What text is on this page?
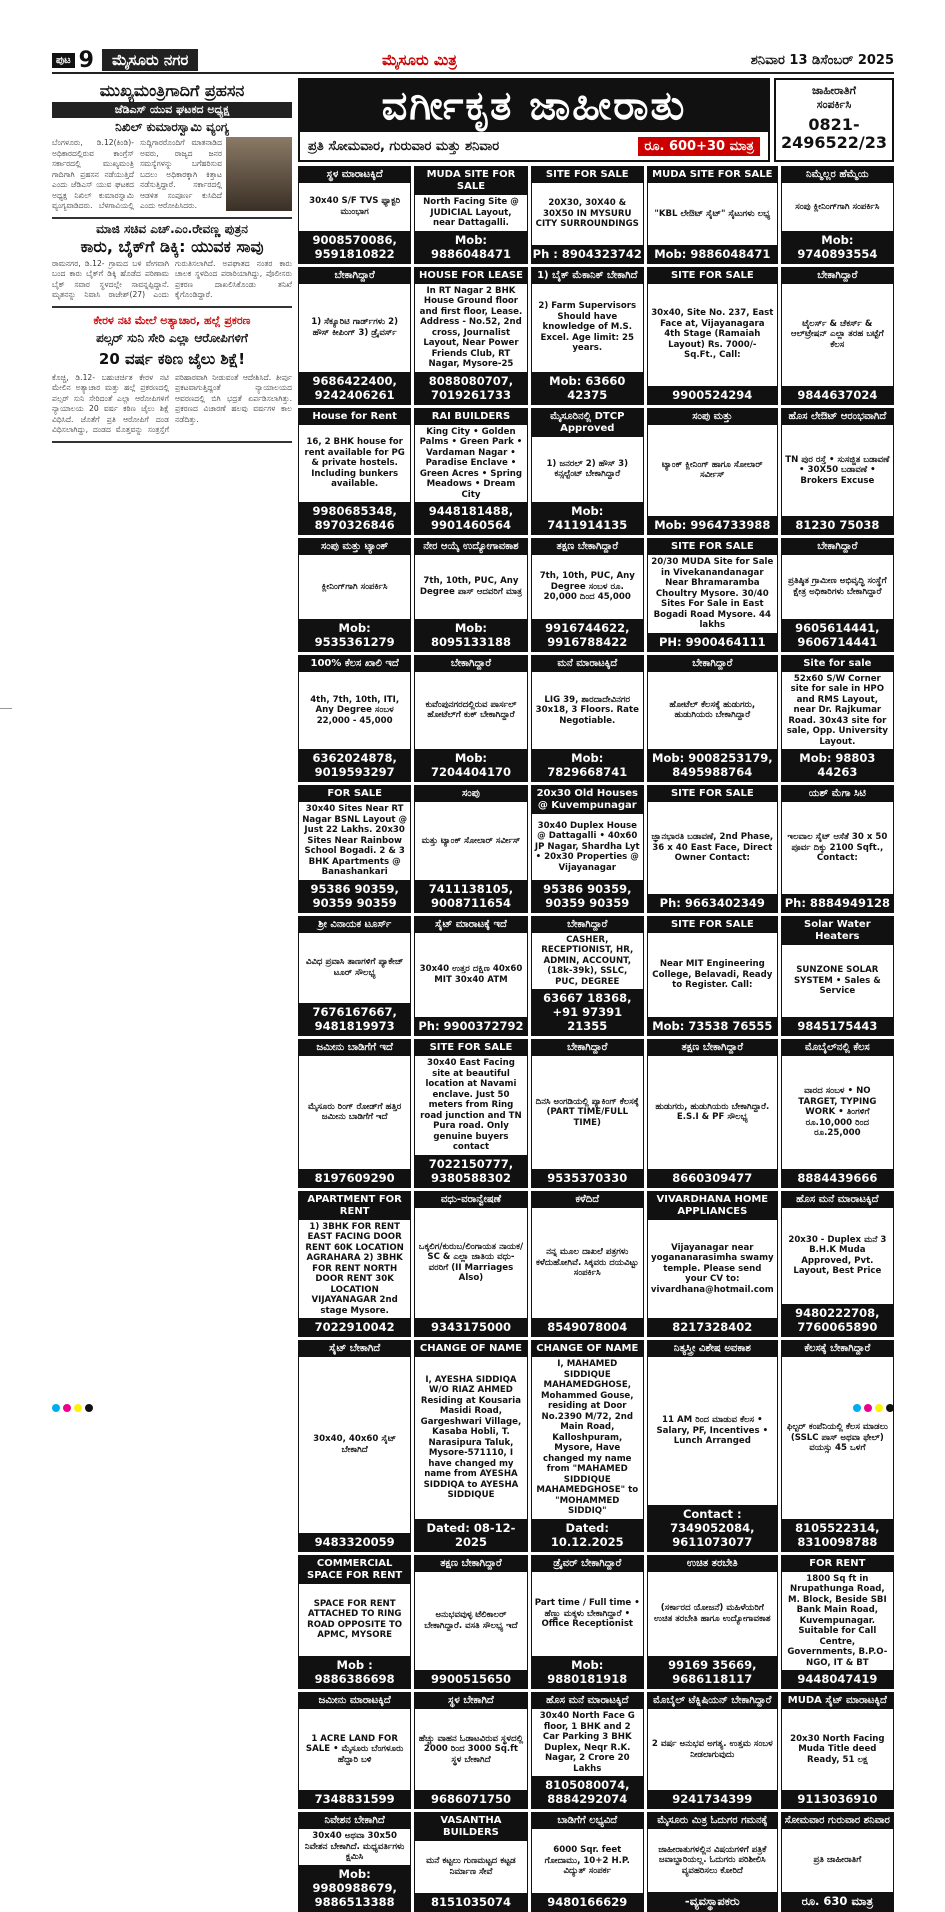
ಪುಟ 9	ಮೈಸೂರು ನಗರ	ಮೈಸೂರು ಮಿತ್ರ	ಶನಿವಾರ 13 ಡಿಸೆಂಬರ್ 2025
ಮುಖ್ಯಮಂತ್ರಿಗಾದಿಗೆ ಪ್ರಹಸನ
ಜೆಡಿಎಸ್ ಯುವ ಘಟಕದ ಅಧ್ಯಕ್ಷ
ನಿಖಿಲ್ ಕುಮಾರಸ್ವಾಮಿ ವ್ಯಂಗ್ಯ

ಬೆಂಗಳೂರು, ಡಿ.12(ಕಿಂಡಿ)- ಅಧಿಕಾರದಲ್ಲಿರುವ ಕಾಂಗ್ರೆಸ್ ಸರ್ಕಾರದಲ್ಲಿ ಮುಖ್ಯಮಂತ್ರಿ ಗಾದಿಗಾಗಿ ಪ್ರಹಸನ ನಡೆಯುತ್ತಿದೆ ಎಂದು ಜೆಡಿಎಸ್ ಯುವ ಘಟಕದ ಅಧ್ಯಕ್ಷ ನಿಖಿಲ್ ಕುಮಾರಸ್ವಾಮಿ ವ್ಯಂಗ್ಯವಾಡಿದರು. ಬೆಳಗಾವಿಯಲ್ಲಿ ಸುದ್ದಿಗಾರರೊಂದಿಗೆ ಮಾತನಾಡಿದ ಅವರು, ರಾಜ್ಯದ ಜನರ ಸಮಸ್ಯೆಗಳನ್ನು ಬಗೆಹರಿಸುವ ಬದಲು ಅಧಿಕಾರಕ್ಕಾಗಿ ಕಿತ್ತಾಟ ನಡೆಸುತ್ತಿದ್ದಾರೆ. ಸರ್ಕಾರದಲ್ಲಿ ಆಡಳಿತ ಸಂಪೂರ್ಣ ಕುಸಿದಿದೆ ಎಂದು ಆರೋಪಿಸಿದರು.

ಮಾಜಿ ಸಚಿವ ಎಚ್.ಎಂ.ರೇವಣ್ಣ ಪುತ್ರನ
ಕಾರು, ಬೈಕ್‌ಗೆ ಡಿಕ್ಕಿ: ಯುವಕ ಸಾವು

ರಾಮನಗರ, ಡಿ.12- ಗ್ರಾಮದ ಬಳಿ ವೇಗವಾಗಿ ಬಂದ ಕಾರು ಬೈಕ್‌ಗೆ ಡಿಕ್ಕಿ ಹೊಡೆದ ಪರಿಣಾಮ ಬೈಕ್ ಸವಾರ ಸ್ಥಳದಲ್ಲೇ ಸಾವನ್ನಪ್ಪಿದ್ದಾನೆ. ಮೃತನನ್ನು ನಿವಾಸಿ ರಾಜೇಶ್(27) ಎಂದು ಗುರುತಿಸಲಾಗಿದೆ. ಅಪಘಾತದ ನಂತರ ಕಾರು ಚಾಲಕ ಸ್ಥಳದಿಂದ ಪರಾರಿಯಾಗಿದ್ದು, ಪೊಲೀಸರು ಪ್ರಕರಣ ದಾಖಲಿಸಿಕೊಂಡು ತನಿಖೆ ಕೈಗೊಂಡಿದ್ದಾರೆ.

ಕೇರಳ ನಟಿ ಮೇಲೆ ಅತ್ಯಾಚಾರ, ಹಲ್ಲೆ ಪ್ರಕರಣ
ಪಲ್ಸರ್ ಸುನಿ ಸೇರಿ ಎಲ್ಲಾ ಆರೋಪಿಗಳಿಗೆ
20 ವರ್ಷ ಕಠಿಣ ಜೈಲು ಶಿಕ್ಷೆ!

ಕೊಚ್ಚಿ, ಡಿ.12- ಬಹುಚರ್ಚಿತ ಕೇರಳ ನಟಿ ಮೇಲಿನ ಅತ್ಯಾಚಾರ ಮತ್ತು ಹಲ್ಲೆ ಪ್ರಕರಣದಲ್ಲಿ ಪಲ್ಸರ್ ಸುನಿ ಸೇರಿದಂತೆ ಎಲ್ಲಾ ಆರೋಪಿಗಳಿಗೆ ನ್ಯಾಯಾಲಯ 20 ವರ್ಷ ಕಠಿಣ ಜೈಲು ಶಿಕ್ಷೆ ವಿಧಿಸಿದೆ. ಜೊತೆಗೆ ಪ್ರತಿ ಆರೋಪಿಗೆ ದಂಡ ವಿಧಿಸಲಾಗಿದ್ದು, ದಂಡದ ಮೊತ್ತವನ್ನು ಸಂತ್ರಸ್ತೆಗೆ ಪರಿಹಾರವಾಗಿ ನೀಡುವಂತೆ ಆದೇಶಿಸಿದೆ. ತೀರ್ಪು ಪ್ರಕಟವಾಗುತ್ತಿದ್ದಂತೆ ನ್ಯಾಯಾಲಯದ ಆವರಣದಲ್ಲಿ ಬಿಗಿ ಭದ್ರತೆ ಏರ್ಪಡಿಸಲಾಗಿತ್ತು. ಪ್ರಕರಣದ ವಿಚಾರಣೆ ಹಲವು ವರ್ಷಗಳ ಕಾಲ ನಡೆದಿತ್ತು.

ವರ್ಗೀಕೃತ ಜಾಹೀರಾತು
ಪ್ರತಿ ಸೋಮವಾರ, ಗುರುವಾರ ಮತ್ತು ಶನಿವಾರ	ರೂ. 600+30 ಮಾತ್ರ
ಜಾಹೀರಾತಿಗೆ
ಸಂಪರ್ಕಿಸಿ
0821-2496522/23
ಸ್ಥಳ ಮಾರಾಟಕ್ಕಿದೆ
30x40 S/F TVS ಫ್ಯಾಕ್ಟರಿ ಮುಂಭಾಗ
9008570086, 9591810822
MUDA SITE FOR SALE
North Facing Site @ JUDICIAL Layout, near Dattagalli.
Mob: 9886048471
SITE FOR SALE
20X30, 30X40 & 30X50 IN MYSURU CITY SURROUNDINGS
Ph : 8904323742
MUDA SITE FOR SALE
"KBL ಲೇಔಟ್ ಸೈಟ್" ಸೈಟುಗಳು ಲಭ್ಯ
Mob: 9886048471
ನಿಮ್ಮೆಲ್ಲರ ಹೆಮ್ಮೆಯ
ಸಂಪು ಕ್ಲೀನಿಂಗ್‌ಗಾಗಿ ಸಂಪರ್ಕಿಸಿ
Mob: 9740893554
ಬೇಕಾಗಿದ್ದಾರೆ
1) ಸೆಕ್ಯೂರಿಟಿ ಗಾರ್ಡ್‌ಗಳು 2) ಹೌಸ್ ಕೀಪಿಂಗ್ 3) ಡ್ರೈವರ್ಸ್
9686422400, 9242406261
HOUSE FOR LEASE
In RT Nagar 2 BHK House Ground floor and first floor, Lease. Address - No.52, 2nd cross, Journalist Layout, Near Power Friends Club, RT Nagar, Mysore-25
8088080707, 7019261733
1) ಬೈಕ್ ಮೆಕಾನಿಕ್ ಬೇಕಾಗಿದೆ
2) Farm Supervisors Should have knowledge of M.S. Excel. Age limit: 25 years.
Mob: 63660 42375
SITE FOR SALE
30x40, Site No. 237, East Face at, Vijayanagara 4th Stage (Ramaiah Layout) Rs. 7000/- Sq.Ft., Call:
9900524294
ಬೇಕಾಗಿದ್ದಾರೆ
ಟೈಲರ್ಸ್ & ಚೆಕರ್ಸ್ & ಆಲ್‌ಟ್ರೇಷನ್ ಎಲ್ಲಾ ತರಹ ಬಟ್ಟೆಗೆ ಕೆಲಸ
9844637024
House for Rent
16, 2 BHK house for rent available for PG & private hostels. Including bunkers available.
9980685348, 8970326846
RAI BUILDERS
King City • Golden Palms • Green Park • Vardaman Nagar • Paradise Enclave • Green Acres • Spring Meadows • Dream City
9448181488, 9901460564
ಮೈಸೂರಿನಲ್ಲಿ DTCP Approved
1) ಜನರಲ್ 2) ಹೌಸ್ 3) ಕನ್ಸಲ್ಟೆಂಟ್ ಬೇಕಾಗಿದ್ದಾರೆ
Mob: 7411914135
ಸಂಪು ಮತ್ತು
ಟ್ಯಾಂಕ್ ಕ್ಲೀನಿಂಗ್ ಹಾಗೂ ಸೋಲಾರ್ ಸರ್ವೀಸ್
Mob: 9964733988
ಹೊಸ ಲೇಔಟ್ ಆರಂಭವಾಗಿದೆ
TN ಪುರ ರಸ್ತೆ • ಸುಸಜ್ಜಿತ ಬಡಾವಣೆ • 30X50 ಬಡಾವಣೆ • Brokers Excuse
81230 75038
ಸಂಪು ಮತ್ತು ಟ್ಯಾಂಕ್
ಕ್ಲೀನಿಂಗ್‌ಗಾಗಿ ಸಂಪರ್ಕಿಸಿ
Mob: 9535361279
ನೇರ ಆಯ್ಕೆ ಉದ್ಯೋಗಾವಕಾಶ
7th, 10th, PUC, Any Degree ಪಾಸ್ ಆದವರಿಗೆ ಮಾತ್ರ
Mob: 8095133188
ತಕ್ಷಣ ಬೇಕಾಗಿದ್ದಾರೆ
7th, 10th, PUC, Any Degree ಸಂಬಳ ರೂ. 20,000 ದಿಂದ 45,000
9916744622, 9916788422
SITE FOR SALE
20/30 MUDA Site for Sale in Vivekanandanagar Near Bhramaramba Choultry Mysore. 30/40 Sites For Sale in East Bogadi Road Mysore. 44 lakhs
PH: 9900464111
ಬೇಕಾಗಿದ್ದಾರೆ
ಪ್ರತಿಷ್ಠಿತ ಗ್ರಾಮೀಣ ಅಭಿವೃದ್ಧಿ ಸಂಸ್ಥೆಗೆ ಕ್ಷೇತ್ರ ಅಧಿಕಾರಿಗಳು ಬೇಕಾಗಿದ್ದಾರೆ
9605614441, 9606714441
100% ಕೆಲಸ ಖಾಲಿ ಇದೆ
4th, 7th, 10th, ITI, Any Degree ಸಂಬಳ 22,000 - 45,000
6362024878, 9019593297
ಬೇಕಾಗಿದ್ದಾರೆ
ಕುವೆಂಪುನಗರದಲ್ಲಿರುವ ಪಾರ್ಸಲ್ ಹೋಟೆಲ್‌ಗೆ ಕುಕ್ ಬೇಕಾಗಿದ್ದಾರೆ
Mob: 7204404170
ಮನೆ ಮಾರಾಟಕ್ಕಿದೆ
LIG 39, ಶಾರದಾದೇವಿನಗರ 30x18, 3 Floors. Rate Negotiable.
Mob: 7829668741
ಬೇಕಾಗಿದ್ದಾರೆ
ಹೋಟೆಲ್ ಕೆಲಸಕ್ಕೆ ಹುಡುಗರು, ಹುಡುಗಿಯರು ಬೇಕಾಗಿದ್ದಾರೆ
Mob: 9008253179, 8495988764
Site for sale
52x60 S/W Corner site for sale in HPO and RMS Layout, near Dr. Rajkumar Road. 30x43 site for sale, Opp. University Layout.
Mob: 98803 44263
FOR SALE
30x40 Sites Near RT Nagar BSNL Layout @ Just 22 Lakhs. 20x30 Sites Near Rainbow School Bogadi. 2 & 3 BHK Apartments @ Banashankari
95386 90359, 90359 90359
ಸಂಪು
ಮತ್ತು ಟ್ಯಾಂಕ್ ಸೋಲಾರ್ ಸರ್ವೀಸ್
7411138105, 9008711654
20x30 Old Houses @ Kuvempunagar
30x40 Duplex House @ Dattagalli • 40x60 JP Nagar, Shardha Lyt • 20x30 Properties @ Vijayanagar
95386 90359, 90359 90359
SITE FOR SALE
ಜ್ಞಾನಭಾರತಿ ಬಡಾವಣೆ, 2nd Phase, 36 x 40 East Face, Direct Owner Contact:
Ph: 9663402349
ಯಶ್ ಮೆಗಾ ಸಿಟಿ
ಇಲವಾಲ ಸೈಟ್ ಆಸೆತೆ 30 x 50 ಪೂರ್ವ ದಿಕ್ಕು 2100 Sqft., Contact:
Ph: 8884949128
ಶ್ರೀ ವಿನಾಯಕ ಟೂರ್ಸ್
ವಿವಿಧ ಪ್ರವಾಸಿ ತಾಣಗಳಿಗೆ ಪ್ಯಾಕೇಜ್ ಟೂರ್ ಸೌಲಭ್ಯ
7676167667, 9481819973
ಸೈಟ್ ಮಾರಾಟಕ್ಕೆ ಇದೆ
30x40 ಉತ್ತರ ದಕ್ಷಿಣ 40x60 MIT 30x40 ATM
Ph: 9900372792
ಬೇಕಾಗಿದ್ದಾರೆ
CASHER, RECEPTIONIST, HR, ADMIN, ACCOUNT, (18k-39k), SSLC, PUC, DEGREE
63667 18368, +91 97391 21355
SITE FOR SALE
Near MIT Engineering College, Belavadi, Ready to Register. Call:
Mob: 73538 76555
Solar Water Heaters
SUNZONE SOLAR SYSTEM • Sales & Service
9845175443
ಜಮೀನು ಬಾಡಿಗೆಗೆ ಇದೆ
ಮೈಸೂರು ರಿಂಗ್ ರೋಡ್‌ಗೆ ಹತ್ತಿರ ಜಮೀನು ಬಾಡಿಗೆಗೆ ಇದೆ
8197609290
SITE FOR SALE
30x40 East Facing site at beautiful location at Navami enclave. Just 50 meters from Ring road junction and TN Pura road. Only genuine buyers contact
7022150777, 9380588302
ಬೇಕಾಗಿದ್ದಾರೆ
ದಿನಸಿ ಅಂಗಡಿಯಲ್ಲಿ ಪ್ಯಾಕಿಂಗ್ ಕೆಲಸಕ್ಕೆ (PART TIME/FULL TIME)
9535370330
ತಕ್ಷಣ ಬೇಕಾಗಿದ್ದಾರೆ
ಹುಡುಗರು, ಹುಡುಗಿಯರು ಬೇಕಾಗಿದ್ದಾರೆ. E.S.I & PF ಸೌಲಭ್ಯ
8660309477
ಮೊಬೈಲ್‌ನಲ್ಲಿ ಕೆಲಸ
ವಾರದ ಸಂಬಳ • NO TARGET, TYPING WORK • ತಿಂಗಳಿಗೆ ರೂ.10,000 ರಿಂದ ರೂ.25,000
8884439666
APARTMENT FOR RENT
1) 3BHK FOR RENT EAST FACING DOOR RENT 60K LOCATION AGRAHARA 2) 3BHK FOR RENT NORTH DOOR RENT 30K LOCATION VIJAYANAGAR 2nd stage Mysore.
7022910042
ವಧು-ವರಾನ್ವೇಷಣೆ
ಒಕ್ಕಲಿಗ/ಕುರುಬ/ಲಿಂಗಾಯತ ನಾಯಕ/ SC & ಎಲ್ಲಾ ಜಾತಿಯ ವಧು-ವರರಿಗೆ (II Marriages Also)
9343175000
ಕಳೆದಿದೆ
ನನ್ನ ಮೂಲ ದಾಖಲೆ ಪತ್ರಗಳು ಕಳೆದುಹೋಗಿವೆ. ಸಿಕ್ಕವರು ದಯವಿಟ್ಟು ಸಂಪರ್ಕಿಸಿ
8549078004
VIVARDHANA HOME APPLIANCES
Vijayanagar near yogananarasimha swamy temple. Please send your CV to: vivardhana@hotmail.com
8217328402
ಹೊಸ ಮನೆ ಮಾರಾಟಕ್ಕಿದೆ
20x30 - Duplex ಮನೆ 3 B.H.K Muda Approved, Pvt. Layout, Best Price
9480222708, 7760065890
ಸೈಟ್ ಬೇಕಾಗಿದೆ
30x40, 40x60 ಸೈಟ್ ಬೇಕಾಗಿದೆ
9483320059
CHANGE OF NAME
I, AYESHA SIDDIQA W/O RIAZ AHMED Residing at Kousaria Masidi Road, Gargeshwari Village, Kasaba Hobli, T. Narasipura Taluk, Mysore-571110, I have changed my name from AYESHA SIDDIQA to AYESHA SIDDIQUE
Dated: 08-12-2025
CHANGE OF NAME
I, MAHAMED SIDDIQUE MAHAMEDGHOSE, Mohammed Gouse, residing at Door No.2390 M/72, 2nd Main Road, Kalloshpuram, Mysore, Have changed my name from "MAHAMED SIDDIQUE MAHAMEDGHOSE" to "MOHAMMED SIDDIQ"
Dated: 10.12.2025
ನಿತ್ಯಸ್ತ್ರೀ ವಿಶೇಷ ಅವಕಾಶ
11 AM ರಿಂದ ಮಾಡುವ ಕೆಲಸ • Salary, PF, Incentives • Lunch Arranged
Contact : 7349052084, 9611073077
ಕೆಲಸಕ್ಕೆ ಬೇಕಾಗಿದ್ದಾರೆ
ಫಿಲ್ಟರ್ ಕಂಪೆನಿಯಲ್ಲಿ ಕೆಲಸ ಮಾಡಲು (SSLC ಪಾಸ್ ಅಥವಾ ಫೇಲ್) ವಯಸ್ಸು 45 ಒಳಗೆ
8105522314, 8310098788
COMMERCIAL SPACE FOR RENT
SPACE FOR RENT ATTACHED TO RING ROAD OPPOSITE TO APMC, MYSORE
Mob : 9886386698
ತಕ್ಷಣ ಬೇಕಾಗಿದ್ದಾರೆ
ಅನುಭವವುಳ್ಳ ಟೆಲಿಕಾಲರ್ ಬೇಕಾಗಿದ್ದಾರೆ. ವಸತಿ ಸೌಲಭ್ಯ ಇದೆ
9900515650
ಡ್ರೈವರ್ ಬೇಕಾಗಿದ್ದಾರೆ
Part time / Full time • ಹೆಣ್ಣು ಮಕ್ಕಳು ಬೇಕಾಗಿದ್ದಾರೆ • Office Receptionist
Mob: 9880181918
ಉಚಿತ ತರಬೇತಿ
(ಸರ್ಕಾರದ ಯೋಜನೆ) ಮಹಿಳೆಯರಿಗೆ ಉಚಿತ ತರಬೇತಿ ಹಾಗೂ ಉದ್ಯೋಗಾವಕಾಶ
99169 35669, 9686118117
FOR RENT
1800 Sq ft in Nrupathunga Road, M. Block, Beside SBI Bank Main Road, Kuvempunagar. Suitable for Call Centre, Governments, B.P.O- NGO, IT & BT
9448047419
ಜಮೀನು ಮಾರಾಟಕ್ಕಿದೆ
1 ACRE LAND FOR SALE • ಮೈಸೂರು ಬೆಂಗಳೂರು ಹೆದ್ದಾರಿ ಬಳಿ
7348831599
ಸ್ಥಳ ಬೇಕಾಗಿದೆ
ಹೆಚ್ಚು ವಾಹನ ಓಡಾಟವಿರುವ ಸ್ಥಳದಲ್ಲಿ 2000 ರಿಂದ 3000 Sq.ft ಸ್ಥಳ ಬೇಕಾಗಿದೆ
9686071750
ಹೊಸ ಮನೆ ಮಾರಾಟಕ್ಕಿದೆ
30x40 North Face G floor, 1 BHK and 2 Car Parking 3 BHK Duplex, Neqr R.K. Nagar, 2 Crore 20 Lakhs
8105080074, 8884292074
ಮೊಬೈಲ್ ಟೆಕ್ನಿಷಿಯನ್ ಬೇಕಾಗಿದ್ದಾರೆ
2 ವರ್ಷ ಅನುಭವ ಅಗತ್ಯ. ಉತ್ತಮ ಸಂಬಳ ನೀಡಲಾಗುವುದು
9241734399
MUDA ಸೈಟ್ ಮಾರಾಟಕ್ಕಿದೆ
20x30 North Facing Muda Title deed Ready, 51 ಲಕ್ಷ
9113036910
ನಿವೇಶನ ಬೇಕಾಗಿದೆ
30x40 ಅಥವಾ 30x50 ನಿವೇಶನ ಬೇಕಾಗಿದೆ. ಮಧ್ಯವರ್ತಿಗಳು ಕ್ಷಮಿಸಿ
Mob: 9980988679, 9886513388
VASANTHA BUILDERS
ಮನೆ ಕಟ್ಟಲು ಗುಣಮಟ್ಟದ ಕಟ್ಟಡ ನಿರ್ಮಾಣ ಸೇವೆ
8151035074
ಬಾಡಿಗೆಗೆ ಲಭ್ಯವಿದೆ
6000 Sqr. feet ಗೋದಾಮು, 10+2 H.P. ವಿದ್ಯುತ್ ಸಂಪರ್ಕ
9480166629
ಮೈಸೂರು ಮಿತ್ರ ಓದುಗರ ಗಮನಕ್ಕೆ
ಜಾಹೀರಾತುಗಳಲ್ಲಿನ ವಿಷಯಗಳಿಗೆ ಪತ್ರಿಕೆ ಜವಾಬ್ದಾರಿಯಲ್ಲ. ಓದುಗರು ಪರಿಶೀಲಿಸಿ ವ್ಯವಹರಿಸಲು ಕೋರಿದೆ
-ವ್ಯವಸ್ಥಾಪಕರು
ಸೋಮವಾರ ಗುರುವಾರ ಶನಿವಾರ
ಪ್ರತಿ ಜಾಹೀರಾತಿಗೆ
ರೂ. 630 ಮಾತ್ರ
